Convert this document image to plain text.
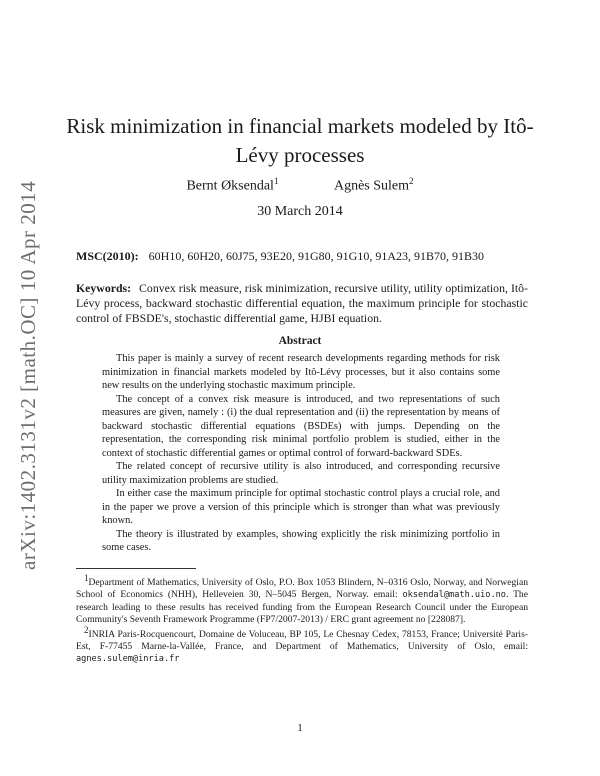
arXiv:1402.3131v2 [math.OC] 10 Apr 2014
Risk minimization in financial markets modeled by Itô-Lévy processes
Bernt Øksendal$^1$	Agnès Sulem$^2$
30 March 2014
MSC(2010): 60H10, 60H20, 60J75, 93E20, 91G80, 91G10, 91A23, 91B70, 91B30
Keywords: Convex risk measure, risk minimization, recursive utility, utility optimization, Itô-Lévy process, backward stochastic differential equation, the maximum principle for stochastic control of FBSDE's, stochastic differential game, HJBI equation.
Abstract

This paper is mainly a survey of recent research developments regarding methods for risk minimization in financial markets modeled by Itô-Lévy processes, but it also contains some new results on the underlying stochastic maximum principle.

The concept of a convex risk measure is introduced, and two representations of such measures are given, namely : (i) the dual representation and (ii) the representation by means of backward stochastic differential equations (BSDEs) with jumps. Depending on the representation, the corresponding risk minimal portfolio problem is studied, either in the context of stochastic differential games or optimal control of forward-backward SDEs.

The related concept of recursive utility is also introduced, and corresponding recursive utility maximization problems are studied.

In either case the maximum principle for optimal stochastic control plays a crucial role, and in the paper we prove a version of this principle which is stronger than what was previously known.

The theory is illustrated by examples, showing explicitly the risk minimizing portfolio in some cases.

$^1$Department of Mathematics, University of Oslo, P.O. Box 1053 Blindern, N–0316 Oslo, Norway, and Norwegian School of Economics (NHH), Helleveien 30, N–5045 Bergen, Norway. email: oksendal@math.uio.no. The research leading to these results has received funding from the European Research Council under the European Community's Seventh Framework Programme (FP7/2007-2013) / ERC grant agreement no [228087].

$^2$INRIA Paris-Rocquencourt, Domaine de Voluceau, BP 105, Le Chesnay Cedex, 78153, France; Université Paris-Est, F-77455 Marne-la-Vallée, France, and Department of Mathematics, University of Oslo, email: agnes.sulem@inria.fr

1
